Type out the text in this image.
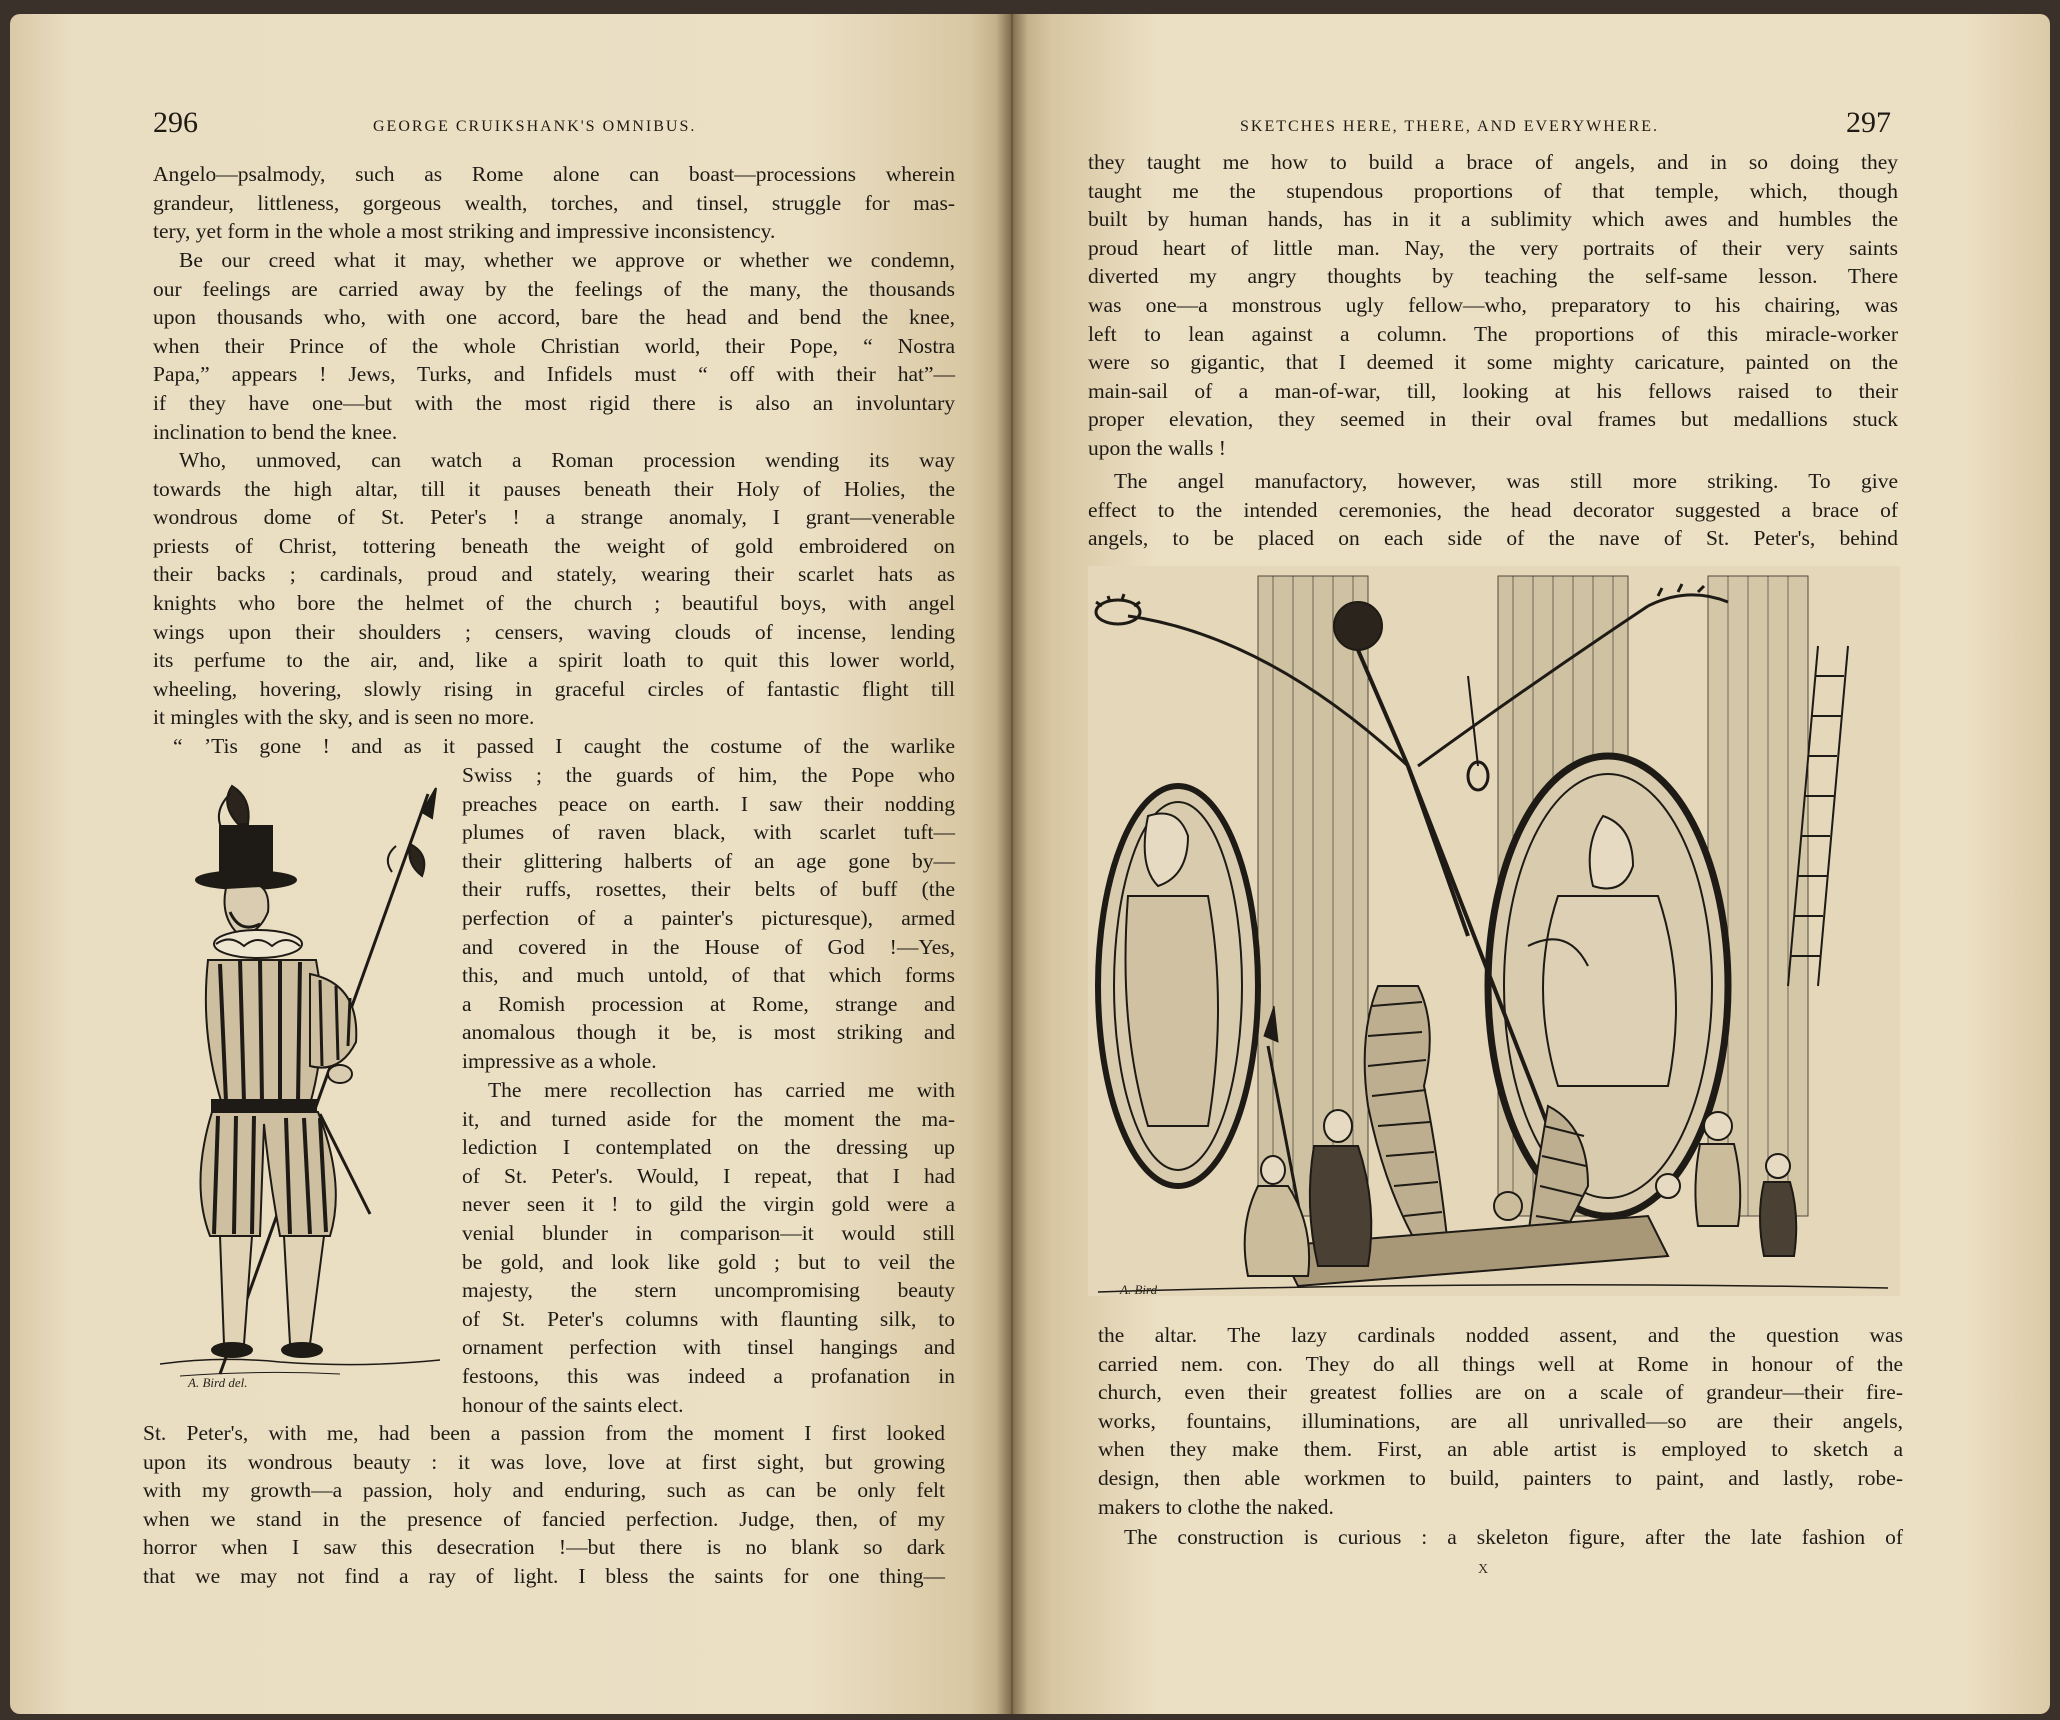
296	GEORGE CRUIKSHANK'S OMNIBUS.
Angelo—psalmody, such as Rome alone can boast—processions wherein
grandeur, littleness, gorgeous wealth, torches, and tinsel, struggle for mas-
tery, yet form in the whole a most striking and impressive inconsistency.
Be our creed what it may, whether we approve or whether we condemn,
our feelings are carried away by the feelings of the many, the thousands
upon thousands who, with one accord, bare the head and bend the knee,
when their Prince of the whole Christian world, their Pope, “ Nostra
Papa,” appears ! Jews, Turks, and Infidels must “ off with their hat”—
if they have one—but with the most rigid there is also an involuntary
inclination to bend the knee.
Who, unmoved, can watch a Roman procession wending its way
towards the high altar, till it pauses beneath their Holy of Holies, the
wondrous dome of St. Peter's ! a strange anomaly, I grant—venerable
priests of Christ, tottering beneath the weight of gold embroidered on
their backs ; cardinals, proud and stately, wearing their scarlet hats as
knights who bore the helmet of the church ; beautiful boys, with angel
wings upon their shoulders ; censers, waving clouds of incense, lending
its perfume to the air, and, like a spirit loath to quit this lower world,
wheeling, hovering, slowly rising in graceful circles of fantastic flight till
it mingles with the sky, and is seen no more.
“ ’Tis gone ! and as it passed I caught the costume of the warlike
Swiss ; the guards of him, the Pope who
preaches peace on earth. I saw their nodding
plumes of raven black, with scarlet tuft—
their glittering halberts of an age gone by—
their ruffs, rosettes, their belts of buff (the
perfection of a painter's picturesque), armed
and covered in the House of God !—Yes,
this, and much untold, of that which forms
a Romish procession at Rome, strange and
anomalous though it be, is most striking and
impressive as a whole.
The mere recollection has carried me with
it, and turned aside for the moment the ma-
lediction I contemplated on the dressing up
of St. Peter's. Would, I repeat, that I had
never seen it ! to gild the virgin gold were a
venial blunder in comparison—it would still
be gold, and look like gold ; but to veil the
majesty, the stern uncompromising beauty
of St. Peter's columns with flaunting silk, to
ornament perfection with tinsel hangings and
festoons, this was indeed a profanation in
honour of the saints elect.
St. Peter's, with me, had been a passion from the moment I first looked
upon its wondrous beauty : it was love, love at first sight, but growing
with my growth—a passion, holy and enduring, such as can be only felt
when we stand in the presence of fancied perfection. Judge, then, of my
horror when I saw this desecration !—but there is no blank so dark
that we may not find a ray of light. I bless the saints for one thing—
A. Bird del.
SKETCHES HERE, THERE, AND EVERYWHERE.	297
they taught me how to build a brace of angels, and in so doing they
taught me the stupendous proportions of that temple, which, though
built by human hands, has in it a sublimity which awes and humbles the
proud heart of little man. Nay, the very portraits of their very saints
diverted my angry thoughts by teaching the self-same lesson. There
was one—a monstrous ugly fellow—who, preparatory to his chairing, was
left to lean against a column. The proportions of this miracle-worker
were so gigantic, that I deemed it some mighty caricature, painted on the
main-sail of a man-of-war, till, looking at his fellows raised to their
proper elevation, they seemed in their oval frames but medallions stuck
upon the walls !
The angel manufactory, however, was still more striking. To give
effect to the intended ceremonies, the head decorator suggested a brace of
angels, to be placed on each side of the nave of St. Peter's, behind
A. Bird
the altar. The lazy cardinals nodded assent, and the question was
carried nem. con. They do all things well at Rome in honour of the
church, even their greatest follies are on a scale of grandeur—their fire-
works, fountains, illuminations, are all unrivalled—so are their angels,
when they make them. First, an able artist is employed to sketch a
design, then able workmen to build, painters to paint, and lastly, robe-
makers to clothe the naked.
The construction is curious : a skeleton figure, after the late fashion of
X
